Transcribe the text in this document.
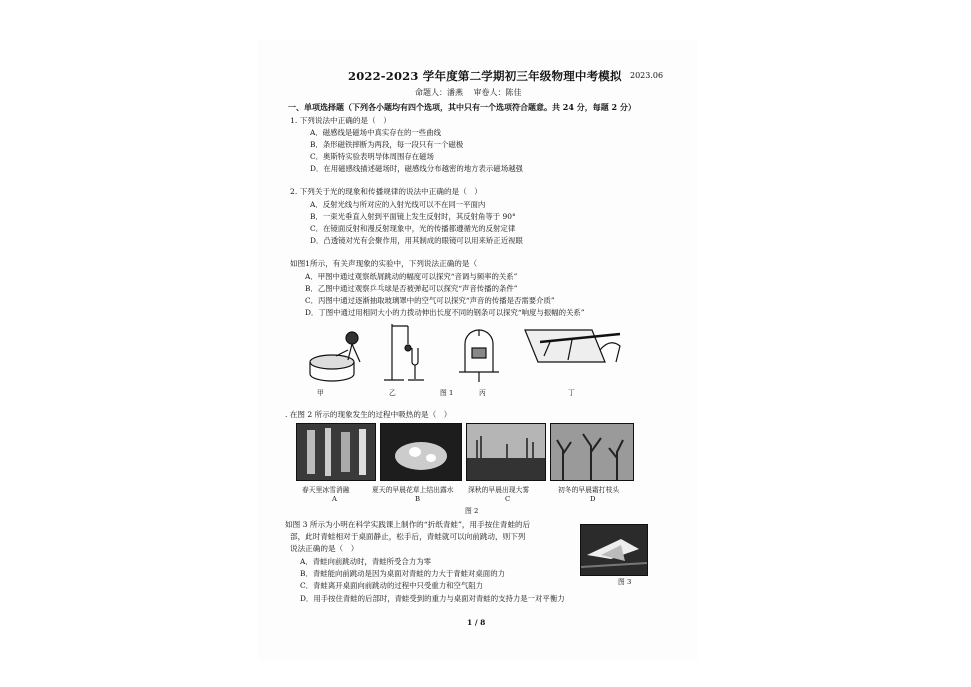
2022-2023 学年度第二学期初三年级物理中考模拟 2023.06
命题人：潘燕　 审卷人：陈佳
一、单项选择题（下列各小题均有四个选项，其中只有一个选项符合题意。共 24 分，每题 2 分）
1. 下列说法中正确的是（　）
A．磁感线是磁场中真实存在的一些曲线
B．条形磁铁摔断为两段，每一段只有一个磁极
C．奥斯特实验表明导体周围存在磁场
D．在用磁感线描述磁场时，磁感线分布越密的地方表示磁场越强
2. 下列关于光的现象和传播规律的说法中正确的是（　）
A．反射光线与所对应的入射光线可以不在同一平面内
B．一束光垂直入射到平面镜上发生反射时，其反射角等于 90°
C．在镜面反射和漫反射现象中，光的传播都遵循光的反射定律
D．凸透镜对光有会聚作用，用其制成的眼镜可以用来矫正近视眼
如图1所示，有关声现象的实验中，下列说法正确的是（
A．甲图中通过观察纸屑跳动的幅度可以探究“音调与频率的关系”
B．乙图中通过观察乒乓球是否被弹起可以探究“声音传播的条件”
C．丙图中通过逐渐抽取玻璃罩中的空气可以探究“声音的传播是否需要介质”
D．丁图中通过用相同大小的力拨动伸出长度不同的钢条可以探究“响度与振幅的关系”
甲	乙	图 1	丙	丁
. 在图 2 所示的现象发生的过程中吸热的是（　）
春天里冰雪消融	夏天的早晨花草上结出露水 深秋的早晨出现大雾	初冬的早晨霜打枝头
A	B	C	D
图 2
如图 3 所示为小明在科学实践课上制作的“折纸青蛙”，用手按住青蛙的后
部，此时青蛙相对于桌面静止，松手后，青蛙就可以向前跳动，则下列
说法正确的是（　）
A．青蛙向前跳动时，青蛙所受合力为零
B．青蛙能向前跳动是因为桌面对青蛙的力大于青蛙对桌面的力
C．青蛙离开桌面向前跳动的过程中只受重力和空气阻力
D．用手按住青蛙的后部时，青蛙受到的重力与桌面对青蛙的支持力是一对平衡力
图 3
1 / 8
